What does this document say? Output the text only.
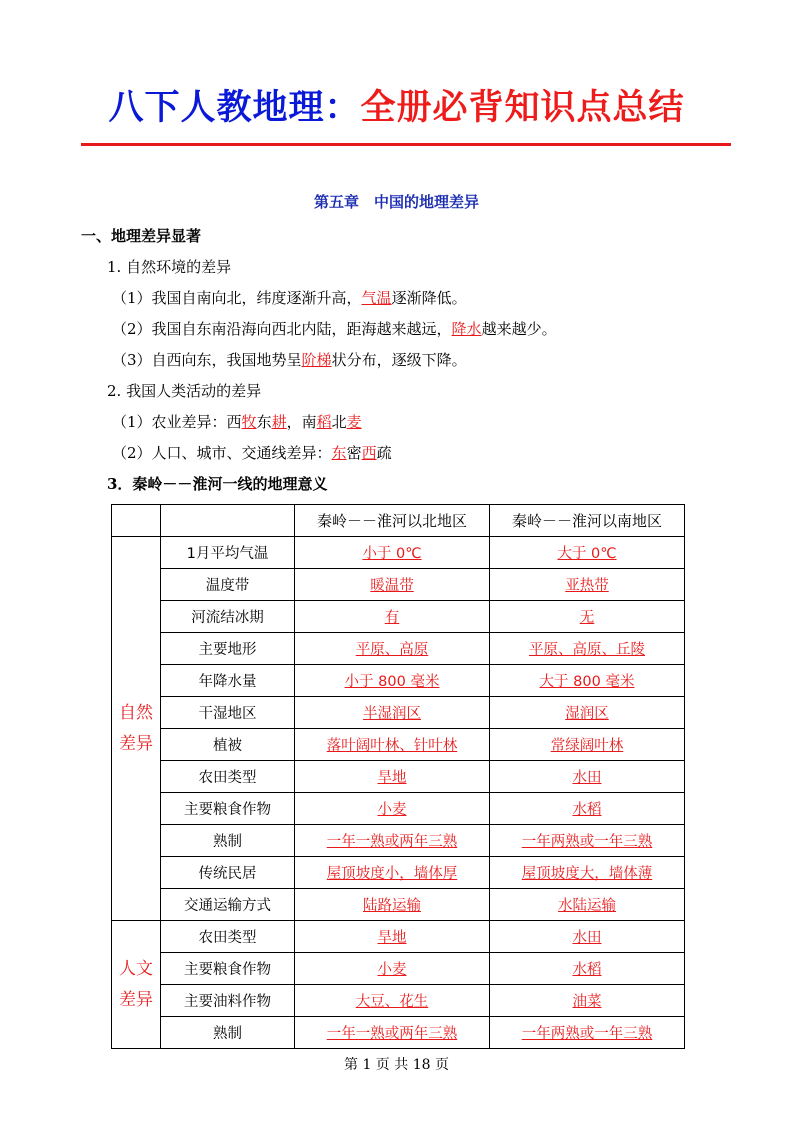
八下人教地理：全册必背知识点总结
第五章　中国的地理差异
一、地理差异显著
1. 自然环境的差异
（1）我国自南向北，纬度逐渐升高，气温逐渐降低。
（2）我国自东南沿海向西北内陆，距海越来越远，降水越来越少。
（3）自西向东，我国地势呈阶梯状分布，逐级下降。
2. 我国人类活动的差异
（1）农业差异：西牧东耕，南稻北麦
（2）人口、城市、交通线差异：东密西疏
3．秦岭－－淮河一线的地理意义
		秦岭－－淮河以北地区	秦岭－－淮河以南地区

自然差异	1月平均气温	小于 0℃	大于 0℃
	温度带	暖温带	亚热带
	河流结冰期	有	无
	主要地形	平原、高原	平原、高原、丘陵
	年降水量	小于 800 毫米	大于 800 毫米
	干湿地区	半湿润区	湿润区
	植被	落叶阔叶林、针叶林	常绿阔叶林
	农田类型	旱地	水田
	主要粮食作物	小麦	水稻
	熟制	一年一熟或两年三熟	一年两熟或一年三熟
	传统民居	屋顶坡度小，墙体厚	屋顶坡度大，墙体薄
	交通运输方式	陆路运输	水陆运输

人文差异	农田类型	旱地	水田
	主要粮食作物	小麦	水稻
	主要油料作物	大豆、花生	油菜
	熟制	一年一熟或两年三熟	一年两熟或一年三熟
第 1 页 共 18 页
